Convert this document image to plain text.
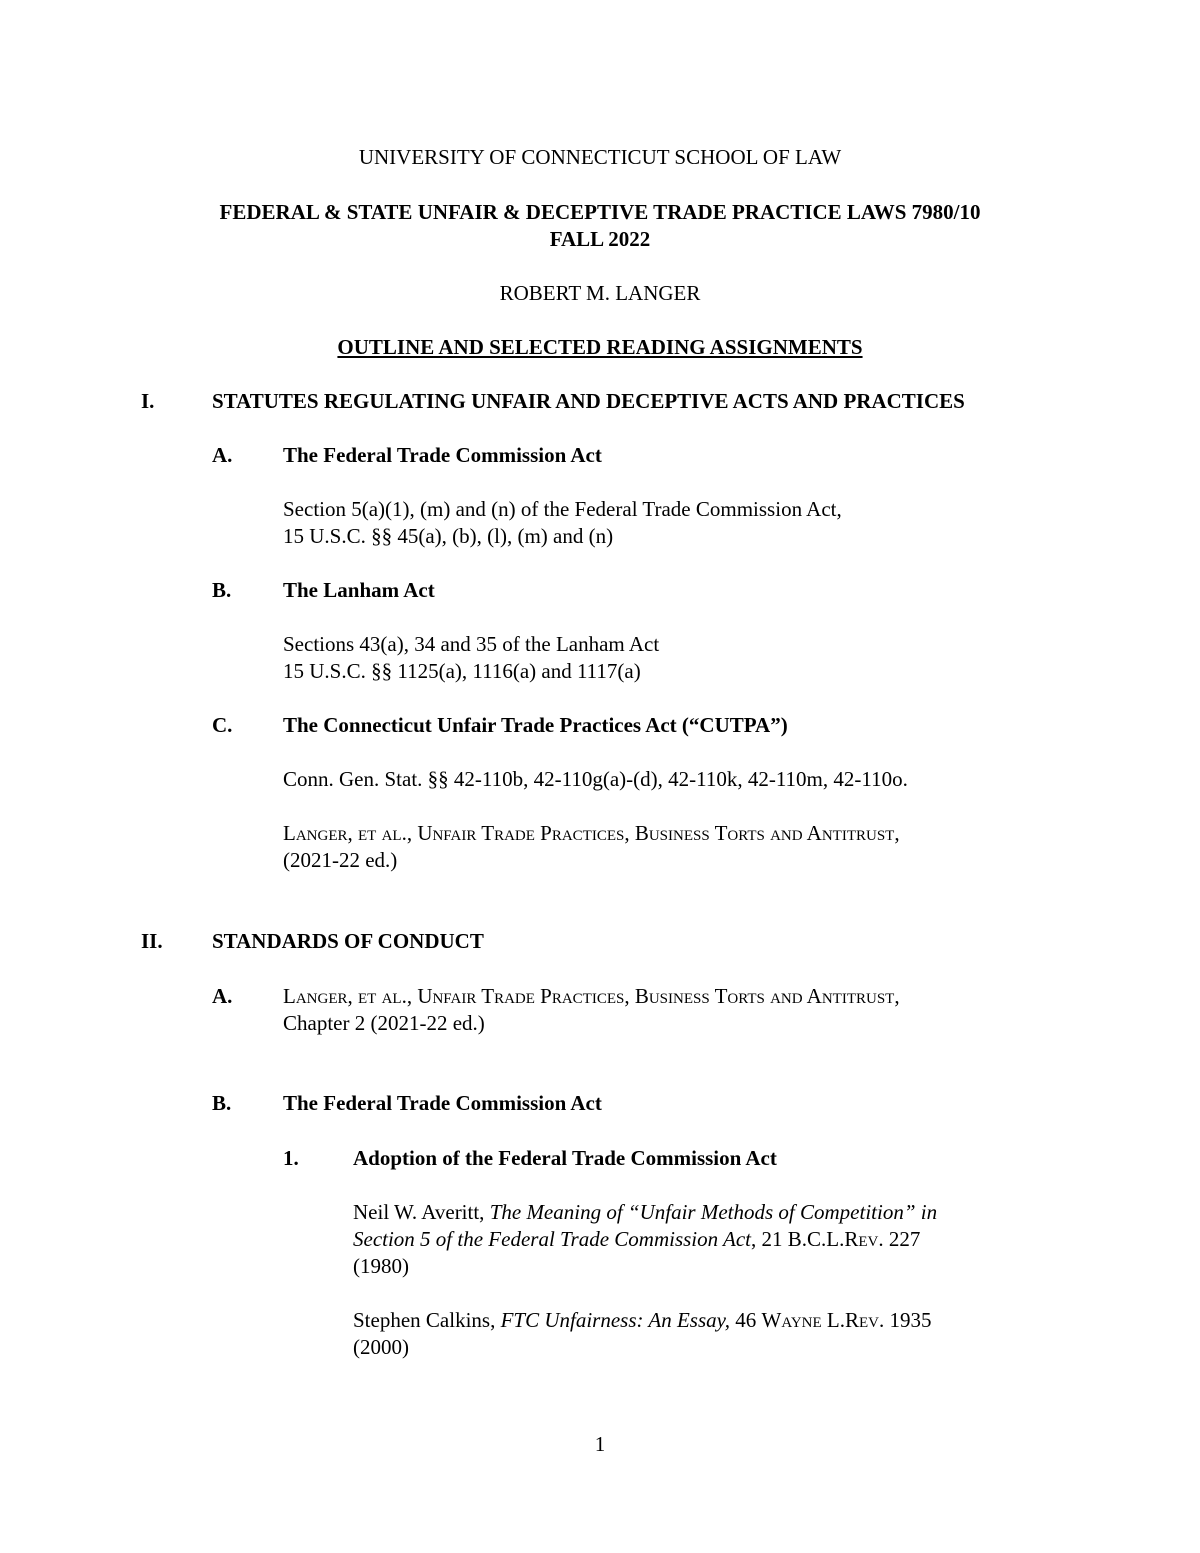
UNIVERSITY OF CONNECTICUT SCHOOL OF LAW
FEDERAL & STATE UNFAIR & DECEPTIVE TRADE PRACTICE LAWS 7980/10
FALL 2022
ROBERT M. LANGER
OUTLINE AND SELECTED READING ASSIGNMENTS
I.	STATUTES REGULATING UNFAIR AND DECEPTIVE ACTS AND PRACTICES
A. The Federal Trade Commission Act
Section 5(a)(1), (m) and (n) of the Federal Trade Commission Act,
15 U.S.C. §§ 45(a), (b), (l), (m) and (n)
B. The Lanham Act
Sections 43(a), 34 and 35 of the Lanham Act
15 U.S.C. §§ 1125(a), 1116(a) and 1117(a)
C. The Connecticut Unfair Trade Practices Act (“CUTPA”)
Conn. Gen. Stat. §§ 42-110b, 42-110g(a)-(d), 42-110k, 42-110m, 42-110o.
Langer, et al., Unfair Trade Practices, Business Torts and Antitrust,
(2021-22 ed.)
II. STANDARDS OF CONDUCT
A. Langer, et al., Unfair Trade Practices, Business Torts and Antitrust,
Chapter 2 (2021-22 ed.)
B. The Federal Trade Commission Act
1.	Adoption of the Federal Trade Commission Act
Neil W. Averitt, The Meaning of “Unfair Methods of Competition” in
Section 5 of the Federal Trade Commission Act, 21 B.C.L.Rev. 227
(1980)
Stephen Calkins, FTC Unfairness: An Essay, 46 Wayne L.Rev. 1935
(2000)
1
